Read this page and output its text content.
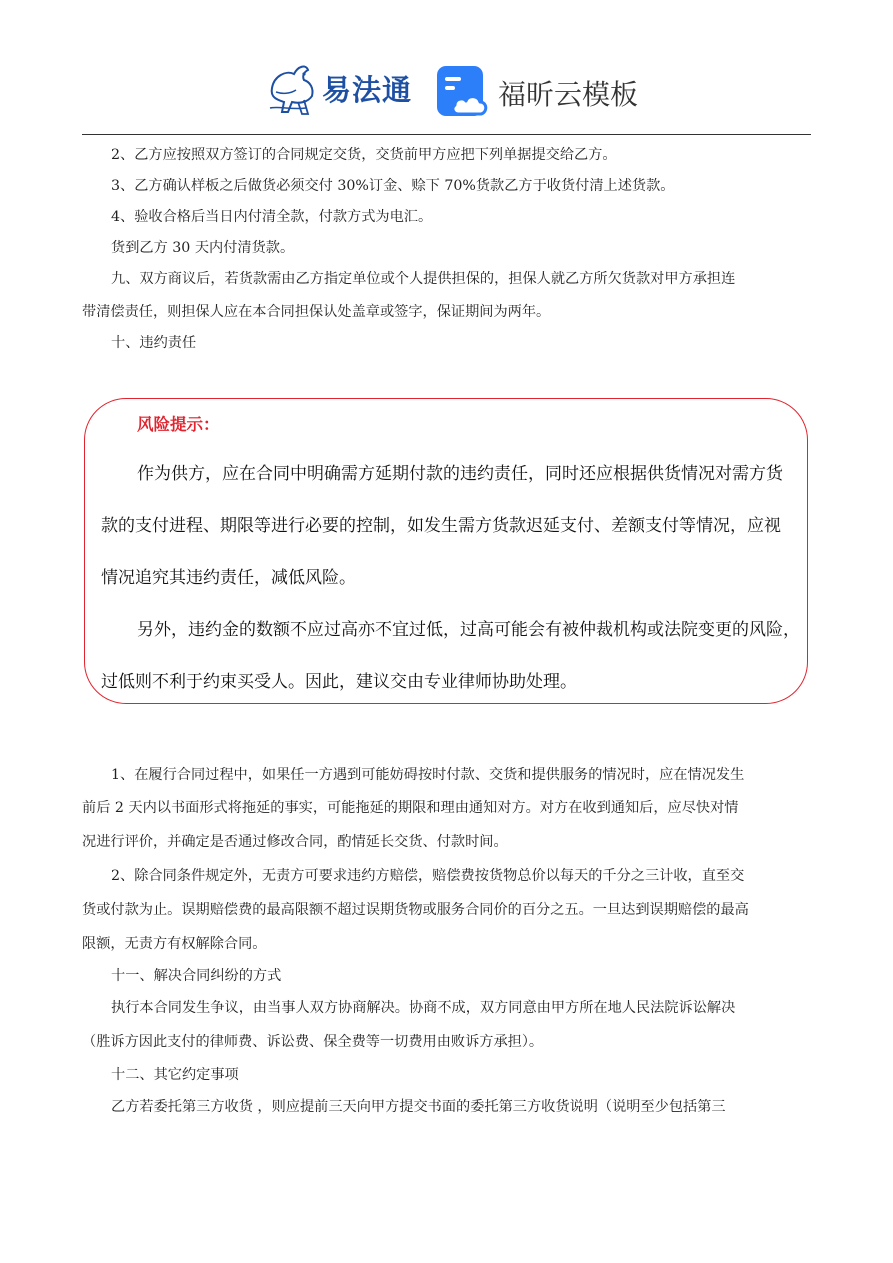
易法通	福昕云模板
2、乙方应按照双方签订的合同规定交货，交货前甲方应把下列单据提交给乙方。
3、乙方确认样板之后做货必须交付 30%订金、赊下 70%货款乙方于收货付清上述货款。
4、验收合格后当日内付清全款，付款方式为电汇。
货到乙方 30 天内付清货款。
九、双方商议后，若货款需由乙方指定单位或个人提供担保的，担保人就乙方所欠货款对甲方承担连
带清偿责任，则担保人应在本合同担保认处盖章或签字，保证期间为两年。
十、违约责任
风险提示：
作为供方，应在合同中明确需方延期付款的违约责任，同时还应根据供货情况对需方货
款的支付进程、期限等进行必要的控制，如发生需方货款迟延支付、差额支付等情况，应视
情况追究其违约责任，减低风险。
另外，违约金的数额不应过高亦不宜过低，过高可能会有被仲裁机构或法院变更的风险，
过低则不利于约束买受人。因此，建议交由专业律师协助处理。
1、在履行合同过程中，如果任一方遇到可能妨碍按时付款、交货和提供服务的情况时，应在情况发生
前后 2 天内以书面形式将拖延的事实，可能拖延的期限和理由通知对方。对方在收到通知后，应尽快对情
况进行评价，并确定是否通过修改合同，酌情延长交货、付款时间。
2、除合同条件规定外，无责方可要求违约方赔偿，赔偿费按货物总价以每天的千分之三计收，直至交
货或付款为止。误期赔偿费的最高限额不超过误期货物或服务合同价的百分之五。一旦达到误期赔偿的最高
限额，无责方有权解除合同。
十一、解决合同纠纷的方式
执行本合同发生争议，由当事人双方协商解决。协商不成，双方同意由甲方所在地人民法院诉讼解决
（胜诉方因此支付的律师费、诉讼费、保全费等一切费用由败诉方承担）。
十二、其它约定事项
乙方若委托第三方收货 ，则应提前三天向甲方提交书面的委托第三方收货说明（说明至少包括第三
